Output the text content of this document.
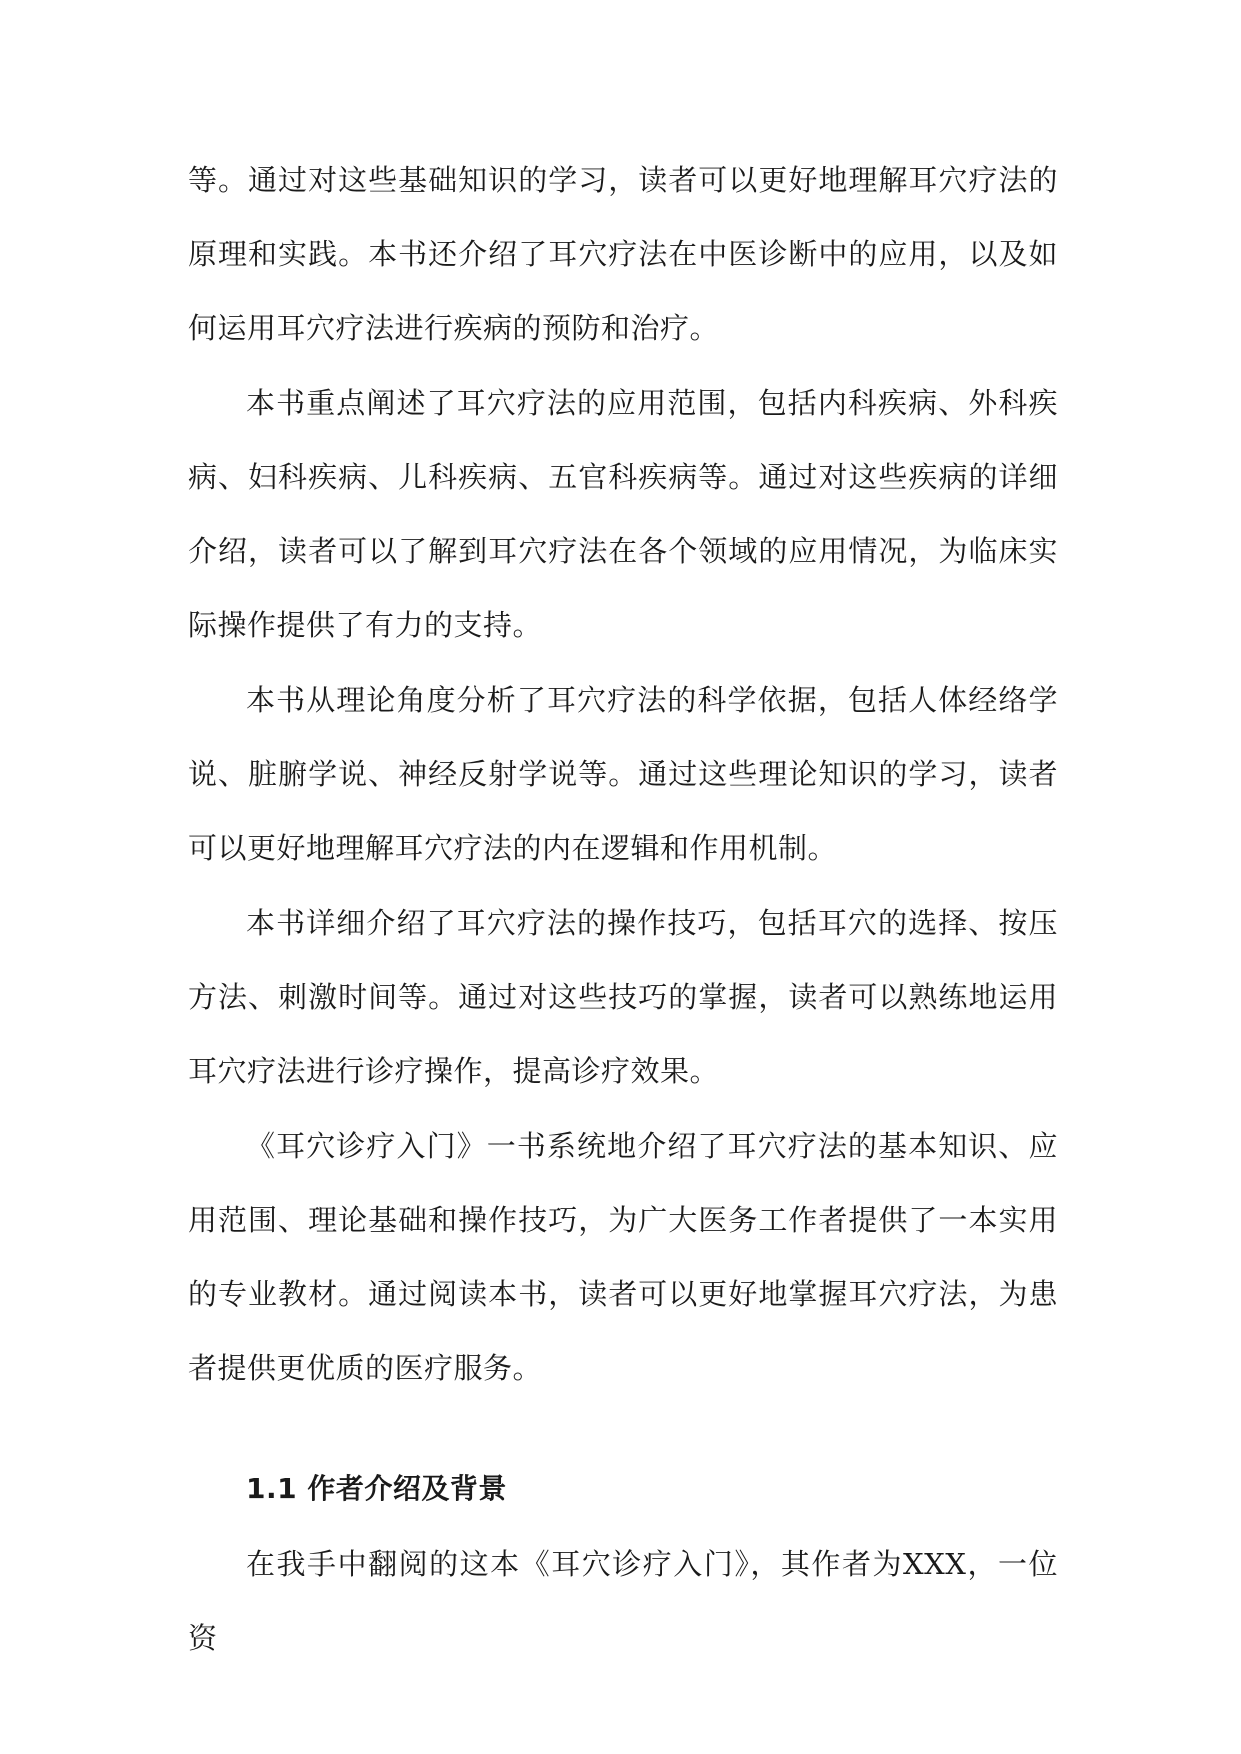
等。通过对这些基础知识的学习，读者可以更好地理解耳穴疗法的原理和实践。本书还介绍了耳穴疗法在中医诊断中的应用，以及如何运用耳穴疗法进行疾病的预防和治疗。

本书重点阐述了耳穴疗法的应用范围，包括内科疾病、外科疾病、妇科疾病、儿科疾病、五官科疾病等。通过对这些疾病的详细介绍，读者可以了解到耳穴疗法在各个领域的应用情况，为临床实际操作提供了有力的支持。

本书从理论角度分析了耳穴疗法的科学依据，包括人体经络学说、脏腑学说、神经反射学说等。通过这些理论知识的学习，读者可以更好地理解耳穴疗法的内在逻辑和作用机制。

本书详细介绍了耳穴疗法的操作技巧，包括耳穴的选择、按压方法、刺激时间等。通过对这些技巧的掌握，读者可以熟练地运用耳穴疗法进行诊疗操作，提高诊疗效果。

《耳穴诊疗入门》一书系统地介绍了耳穴疗法的基本知识、应用范围、理论基础和操作技巧，为广大医务工作者提供了一本实用的专业教材。通过阅读本书，读者可以更好地掌握耳穴疗法，为患者提供更优质的医疗服务。

1.1 作者介绍及背景

在我手中翻阅的这本《耳穴诊疗入门》，其作者为XXX，一位资
